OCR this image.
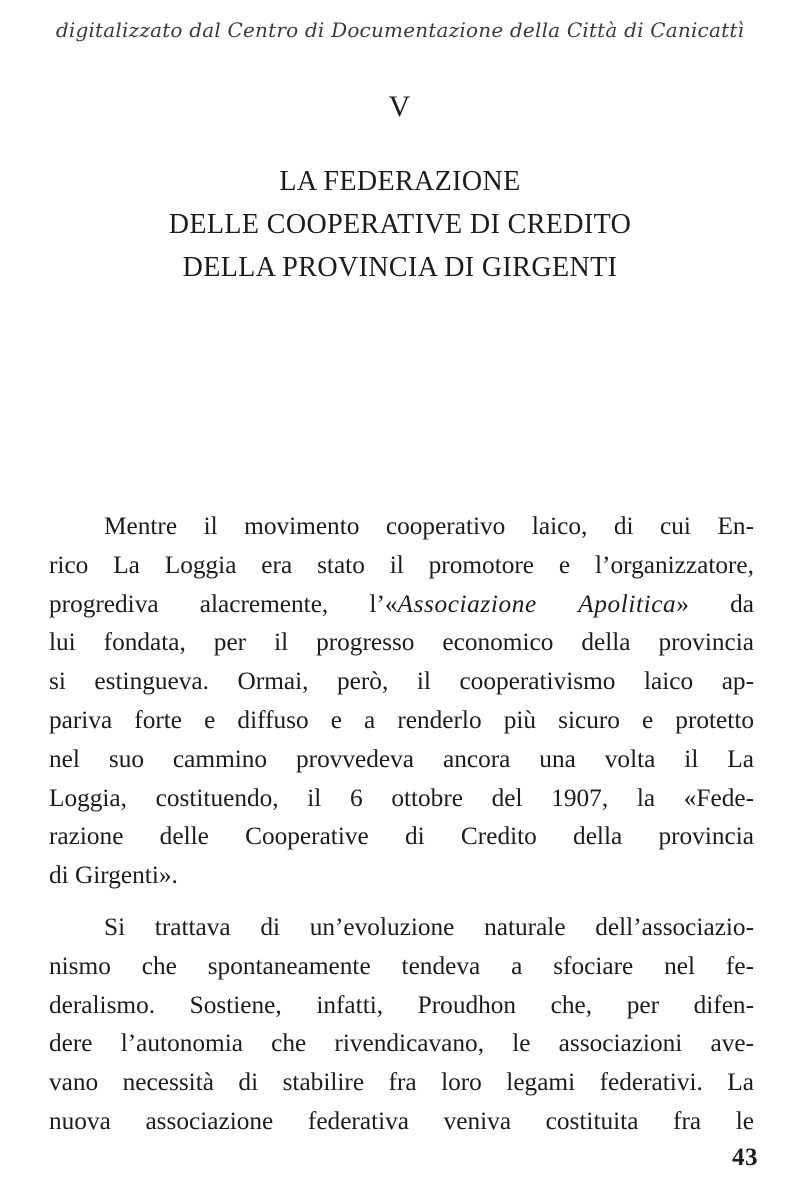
digitalizzato dal Centro di Documentazione della Città di Canicattì
V
LA FEDERAZIONE
DELLE COOPERATIVE DI CREDITO
DELLA PROVINCIA DI GIRGENTI
Mentre il movimento cooperativo laico, di cui En-
rico La Loggia era stato il promotore e l’organizzatore,
progrediva alacremente, l’«Associazione Apolitica» da
lui fondata, per il progresso economico della provincia
si estingueva. Ormai, però, il cooperativismo laico ap-
pariva forte e diffuso e a renderlo più sicuro e protetto
nel suo cammino provvedeva ancora una volta il La
Loggia, costituendo, il 6 ottobre del 1907, la «Fede-
razione delle Cooperative di Credito della provincia
di Girgenti».
Si trattava di un’evoluzione naturale dell’associazio-
nismo che spontaneamente tendeva a sfociare nel fe-
deralismo. Sostiene, infatti, Proudhon che, per difen-
dere l’autonomia che rivendicavano, le associazioni ave-
vano necessità di stabilire fra loro legami federativi. La
nuova associazione federativa veniva costituita fra le
43
